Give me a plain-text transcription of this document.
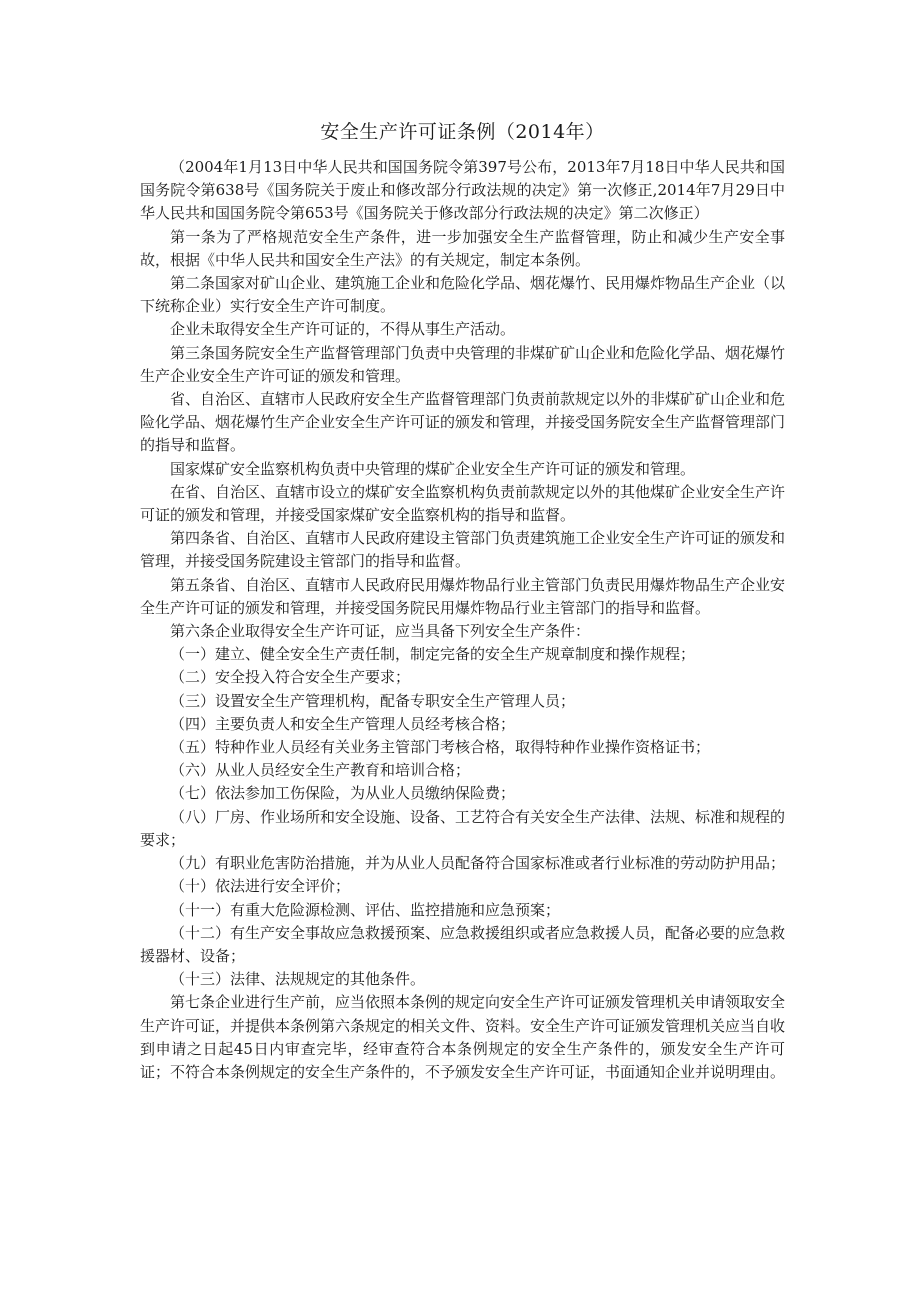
安全生产许可证条例（2014年）

（2004年1月13日中华人民共和国国务院令第397号公布，2013年7月18日中华人民共和国国务院令第638号《国务院关于废止和修改部分行政法规的决定》第一次修正,2014年7月29日中华人民共和国国务院令第653号《国务院关于修改部分行政法规的决定》第二次修正）

第一条为了严格规范安全生产条件，进一步加强安全生产监督管理，防止和减少生产安全事故，根据《中华人民共和国安全生产法》的有关规定，制定本条例。

第二条国家对矿山企业、建筑施工企业和危险化学品、烟花爆竹、民用爆炸物品生产企业（以下统称企业）实行安全生产许可制度。

企业未取得安全生产许可证的，不得从事生产活动。

第三条国务院安全生产监督管理部门负责中央管理的非煤矿矿山企业和危险化学品、烟花爆竹生产企业安全生产许可证的颁发和管理。

省、自治区、直辖市人民政府安全生产监督管理部门负责前款规定以外的非煤矿矿山企业和危险化学品、烟花爆竹生产企业安全生产许可证的颁发和管理，并接受国务院安全生产监督管理部门的指导和监督。

国家煤矿安全监察机构负责中央管理的煤矿企业安全生产许可证的颁发和管理。

在省、自治区、直辖市设立的煤矿安全监察机构负责前款规定以外的其他煤矿企业安全生产许可证的颁发和管理，并接受国家煤矿安全监察机构的指导和监督。

第四条省、自治区、直辖市人民政府建设主管部门负责建筑施工企业安全生产许可证的颁发和管理，并接受国务院建设主管部门的指导和监督。

第五条省、自治区、直辖市人民政府民用爆炸物品行业主管部门负责民用爆炸物品生产企业安全生产许可证的颁发和管理，并接受国务院民用爆炸物品行业主管部门的指导和监督。

第六条企业取得安全生产许可证，应当具备下列安全生产条件：

（一）建立、健全安全生产责任制，制定完备的安全生产规章制度和操作规程；

（二）安全投入符合安全生产要求；

（三）设置安全生产管理机构，配备专职安全生产管理人员；

（四）主要负责人和安全生产管理人员经考核合格；

（五）特种作业人员经有关业务主管部门考核合格，取得特种作业操作资格证书；

（六）从业人员经安全生产教育和培训合格；

（七）依法参加工伤保险，为从业人员缴纳保险费；

（八）厂房、作业场所和安全设施、设备、工艺符合有关安全生产法律、法规、标准和规程的要求；

（九）有职业危害防治措施，并为从业人员配备符合国家标准或者行业标准的劳动防护用品；

（十）依法进行安全评价；

（十一）有重大危险源检测、评估、监控措施和应急预案；

（十二）有生产安全事故应急救援预案、应急救援组织或者应急救援人员，配备必要的应急救援器材、设备；

（十三）法律、法规规定的其他条件。

第七条企业进行生产前，应当依照本条例的规定向安全生产许可证颁发管理机关申请领取安全生产许可证，并提供本条例第六条规定的相关文件、资料。安全生产许可证颁发管理机关应当自收到申请之日起45日内审查完毕，经审查符合本条例规定的安全生产条件的，颁发安全生产许可证；不符合本条例规定的安全生产条件的，不予颁发安全生产许可证，书面通知企业并说明理由。
